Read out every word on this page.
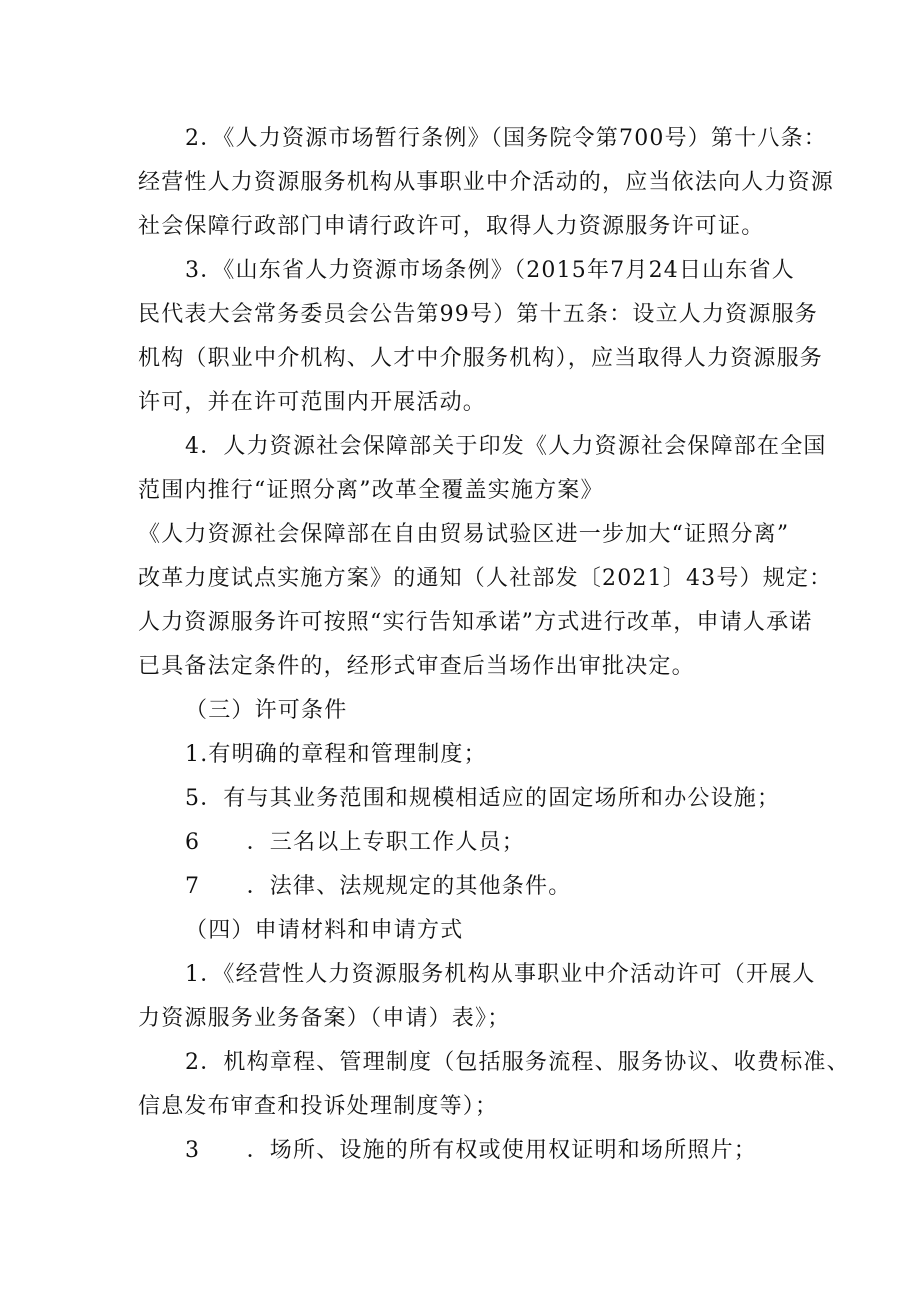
2．《人力资源市场暂行条例》（国务院令第700号）第十八条：
经营性人力资源服务机构从事职业中介活动的，应当依法向人力资源
社会保障行政部门申请行政许可，取得人力资源服务许可证。
3．《山东省人力资源市场条例》（2015年7月24日山东省人
民代表大会常务委员会公告第99号）第十五条：设立人力资源服务
机构（职业中介机构、人才中介服务机构），应当取得人力资源服务
许可，并在许可范围内开展活动。
4．人力资源社会保障部关于印发《人力资源社会保障部在全国
范围内推行“证照分离”改革全覆盖实施方案》
《人力资源社会保障部在自由贸易试验区进一步加大“证照分离”
改革力度试点实施方案》的通知（人社部发〔2021〕43号）规定：
人力资源服务许可按照“实行告知承诺”方式进行改革，申请人承诺
已具备法定条件的，经形式审查后当场作出审批决定。
（三）许可条件
1.有明确的章程和管理制度；
5．有与其业务范围和规模相适应的固定场所和办公设施；
6　　．三名以上专职工作人员；
7　　．法律、法规规定的其他条件。
（四）申请材料和申请方式
1．《经营性人力资源服务机构从事职业中介活动许可（开展人
力资源服务业务备案）（申请）表》；
2．机构章程、管理制度（包括服务流程、服务协议、收费标准、
信息发布审查和投诉处理制度等）；
3　　．场所、设施的所有权或使用权证明和场所照片；
